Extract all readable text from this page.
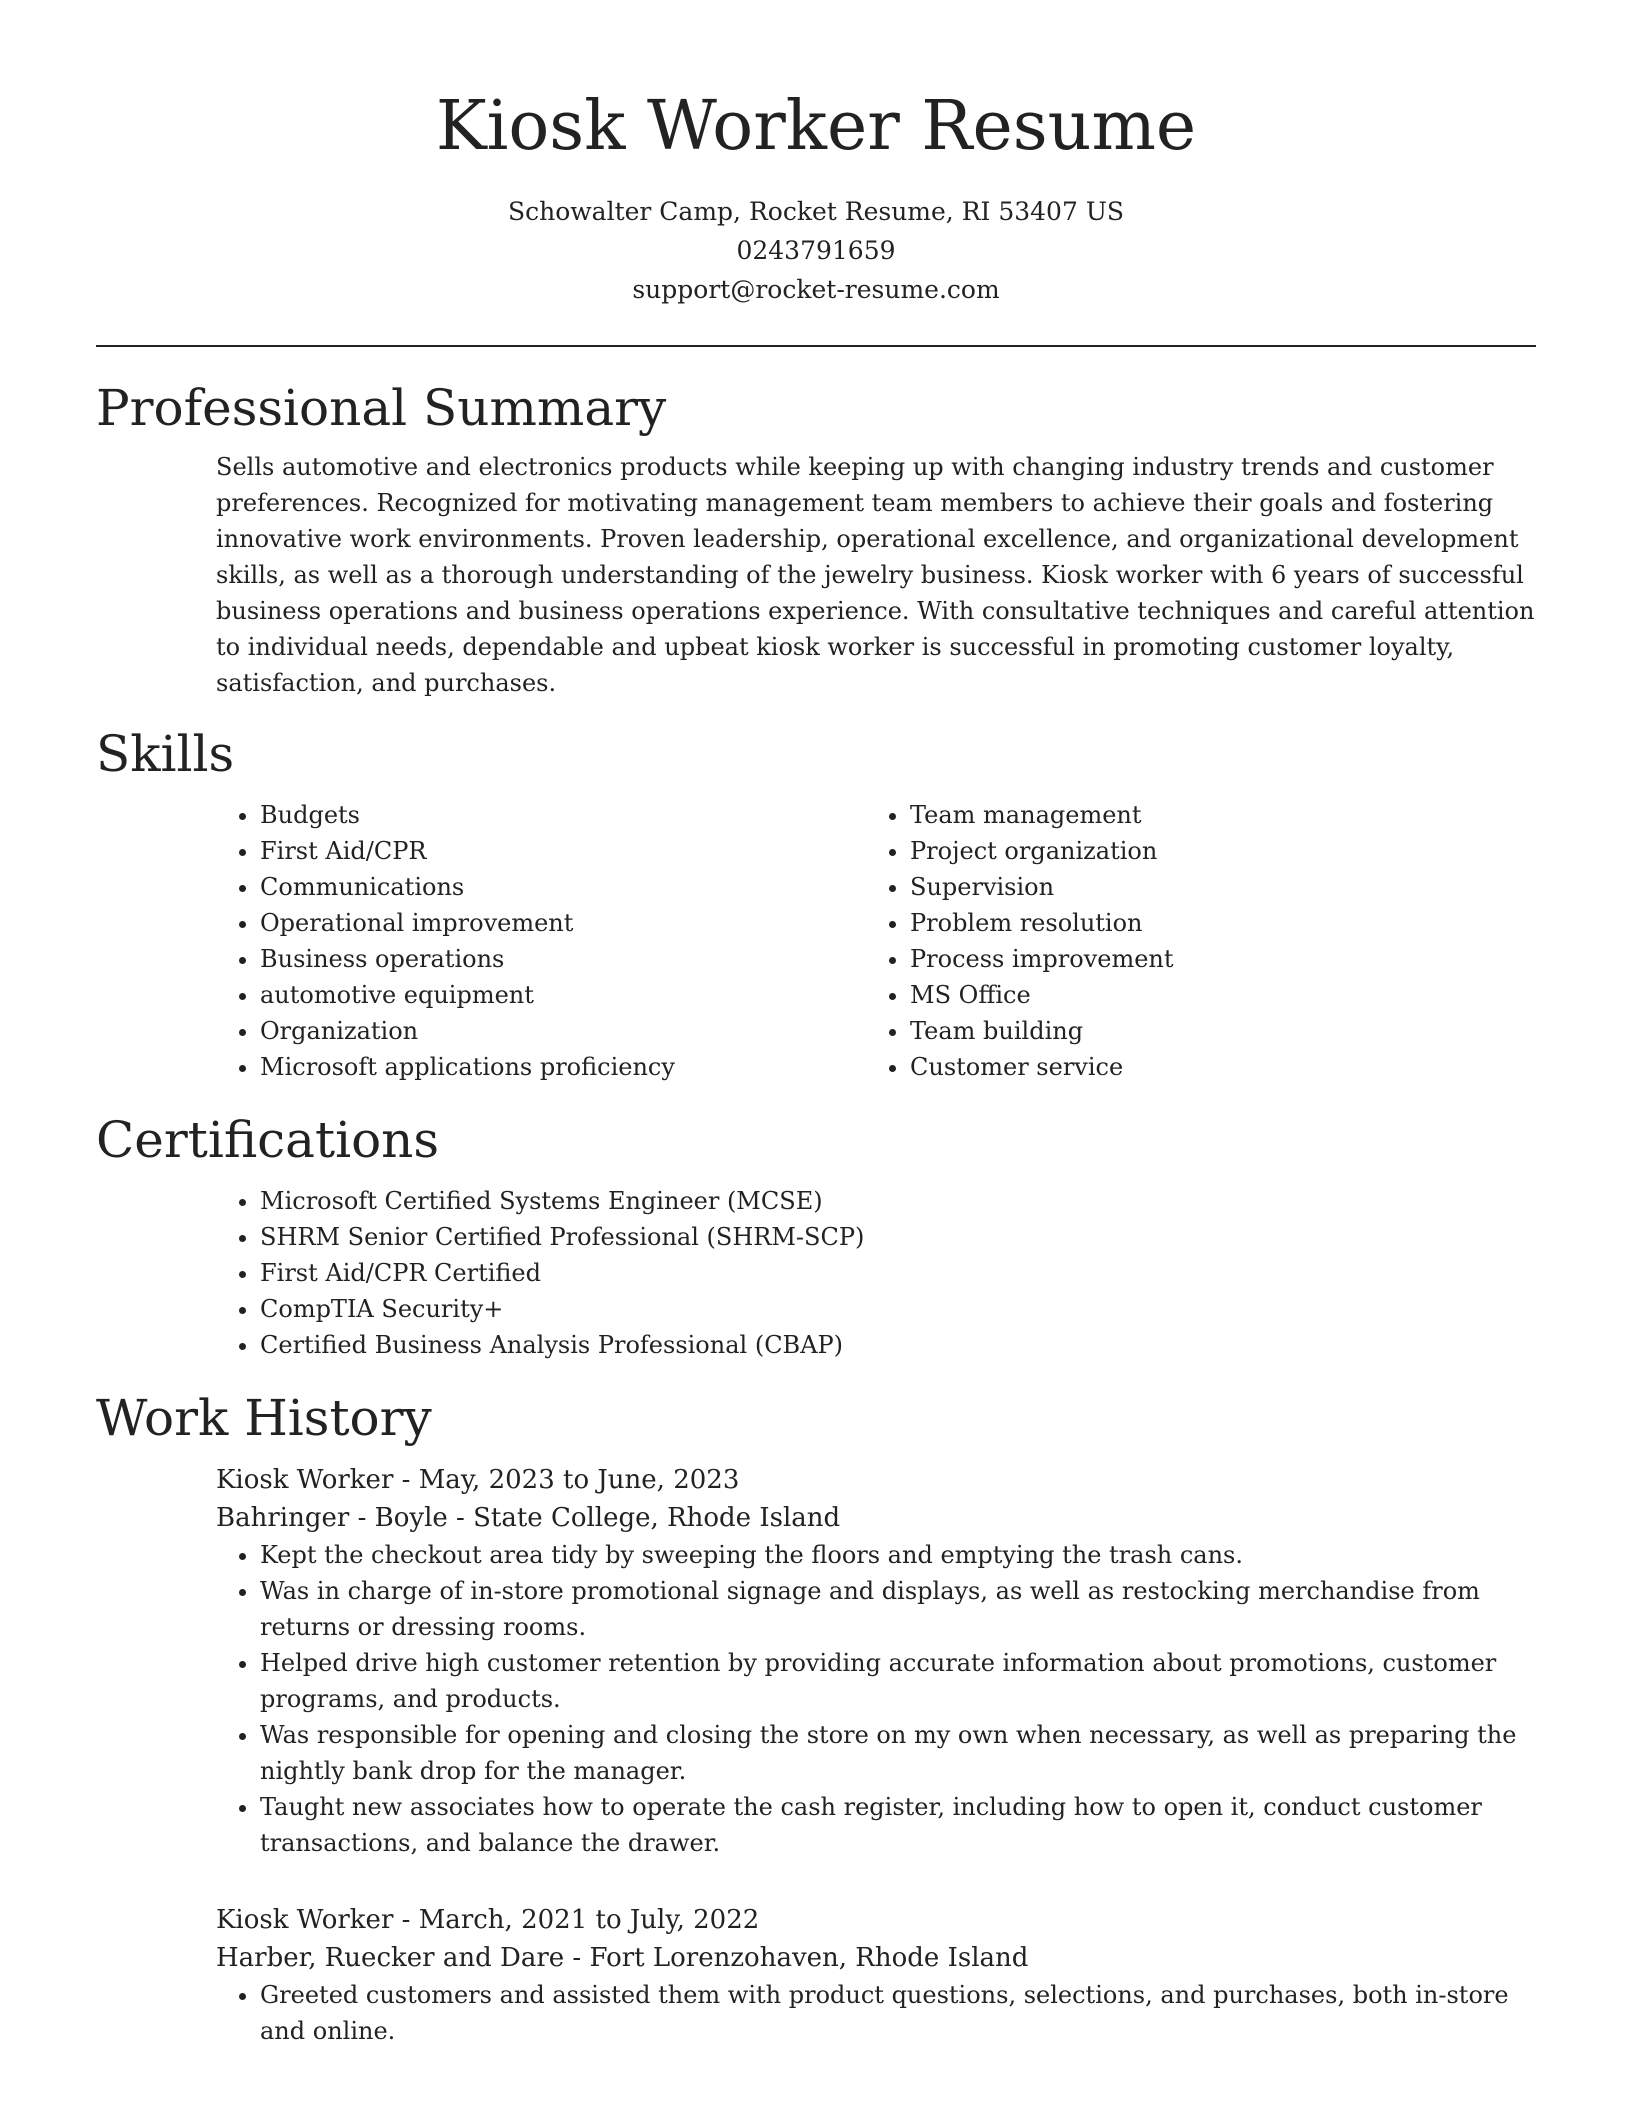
Kiosk Worker Resume
Schowalter Camp, Rocket Resume, RI 53407 US
0243791659
support@rocket-resume.com
Professional Summary
Sells automotive and electronics products while keeping up with changing industry trends and customer preferences. Recognized for motivating management team members to achieve their goals and fostering innovative work environments. Proven leadership, operational excellence, and organizational development skills, as well as a thorough understanding of the jewelry business. Kiosk worker with 6 years of successful business operations and business operations experience. With consultative techniques and careful attention to individual needs, dependable and upbeat kiosk worker is successful in promoting customer loyalty, satisfaction, and purchases.
Skills
• Budgets
• First Aid/CPR
• Communications
• Operational improvement
• Business operations
• automotive equipment
• Organization
• Microsoft applications proficiency
• Team management
• Project organization
• Supervision
• Problem resolution
• Process improvement
• MS Office
• Team building
• Customer service
Certifications
• Microsoft Certified Systems Engineer (MCSE)
• SHRM Senior Certified Professional (SHRM-SCP)
• First Aid/CPR Certified
• CompTIA Security+
• Certified Business Analysis Professional (CBAP)
Work History
Kiosk Worker - May, 2023 to June, 2023
Bahringer - Boyle - State College, Rhode Island
• Kept the checkout area tidy by sweeping the floors and emptying the trash cans.
• Was in charge of in-store promotional signage and displays, as well as restocking merchandise from returns or dressing rooms.
• Helped drive high customer retention by providing accurate information about promotions, customer programs, and products.
• Was responsible for opening and closing the store on my own when necessary, as well as preparing the nightly bank drop for the manager.
• Taught new associates how to operate the cash register, including how to open it, conduct customer transactions, and balance the drawer.
Kiosk Worker - March, 2021 to July, 2022
Harber, Ruecker and Dare - Fort Lorenzohaven, Rhode Island
• Greeted customers and assisted them with product questions, selections, and purchases, both in-store and online.
